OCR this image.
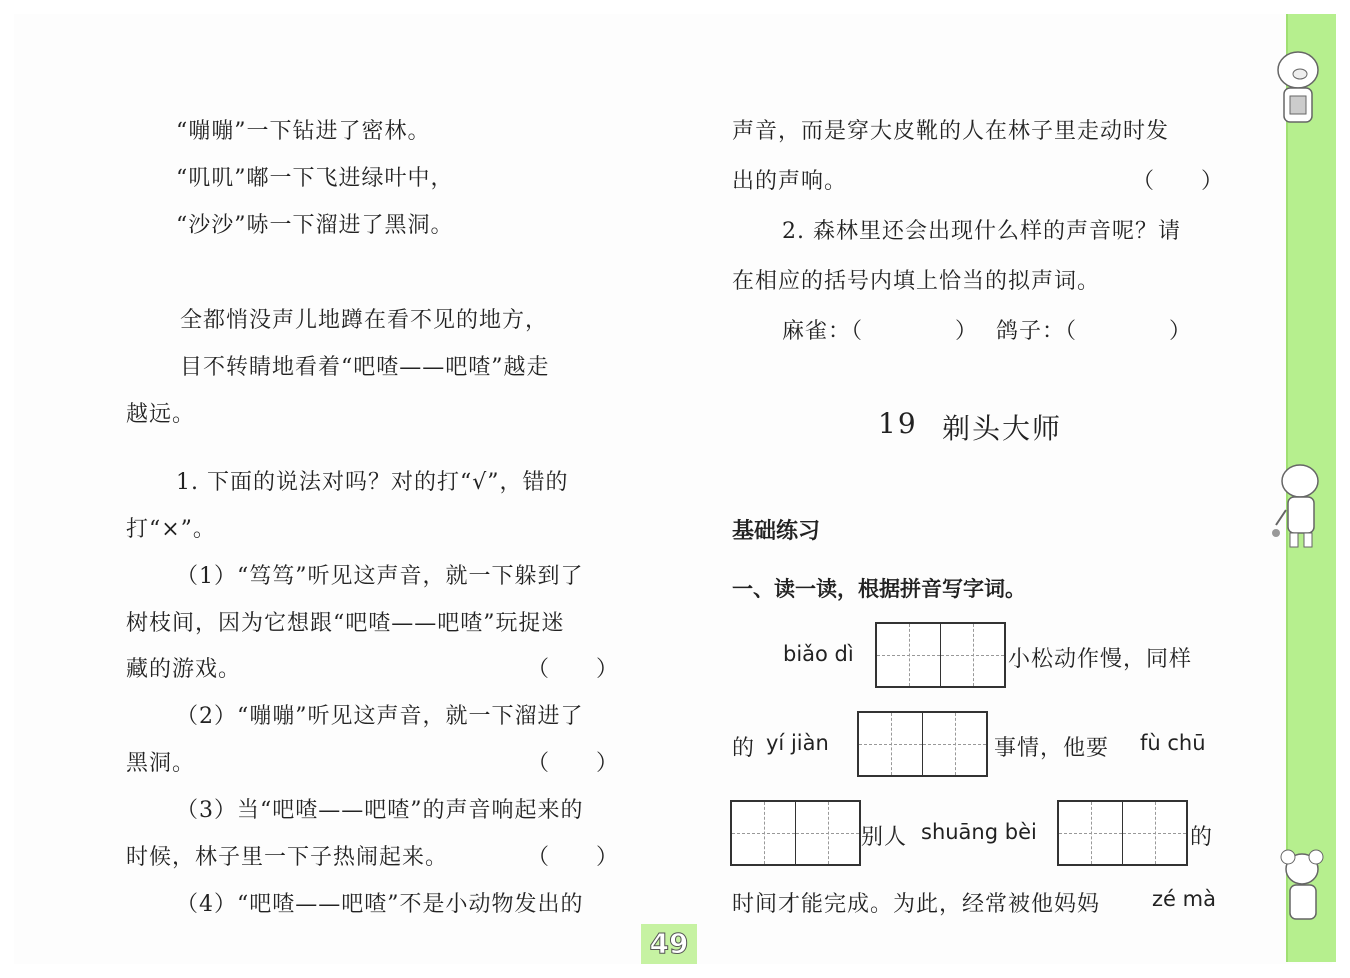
“嘣嘣”一下钻进了密林。
“叽叽”嘟一下飞进绿叶中，
“沙沙”哧一下溜进了黑洞。
全都悄没声儿地蹲在看不见的地方，
目不转睛地看着“吧喳——吧喳”越走
越远。
1. 下面的说法对吗？对的打“√”，错的
打“×”。
（1）“笃笃”听见这声音，就一下躲到了
树枝间，因为它想跟“吧喳——吧喳”玩捉迷
藏的游戏。	（　　）
（2）“嘣嘣”听见这声音，就一下溜进了
黑洞。	（　　）
（3）当“吧喳——吧喳”的声音响起来的
时候，林子里一下子热闹起来。	（　　）
（4）“吧喳——吧喳”不是小动物发出的
声音，而是穿大皮靴的人在林子里走动时发
出的声响。	（　　）
2. 森林里还会出现什么样的声音呢？请
在相应的括号内填上恰当的拟声词。
麻雀：（　　　　） 鸽子：（　　　　）
19 剃头大师
基础练习
一、读一读，根据拼音写字词。
biǎo dì	小松动作慢，同样
的 yí jiàn	事情，他要 fù chū
别人 shuāng bèi	的
时间才能完成。为此，经常被他妈妈 zé mà
49
